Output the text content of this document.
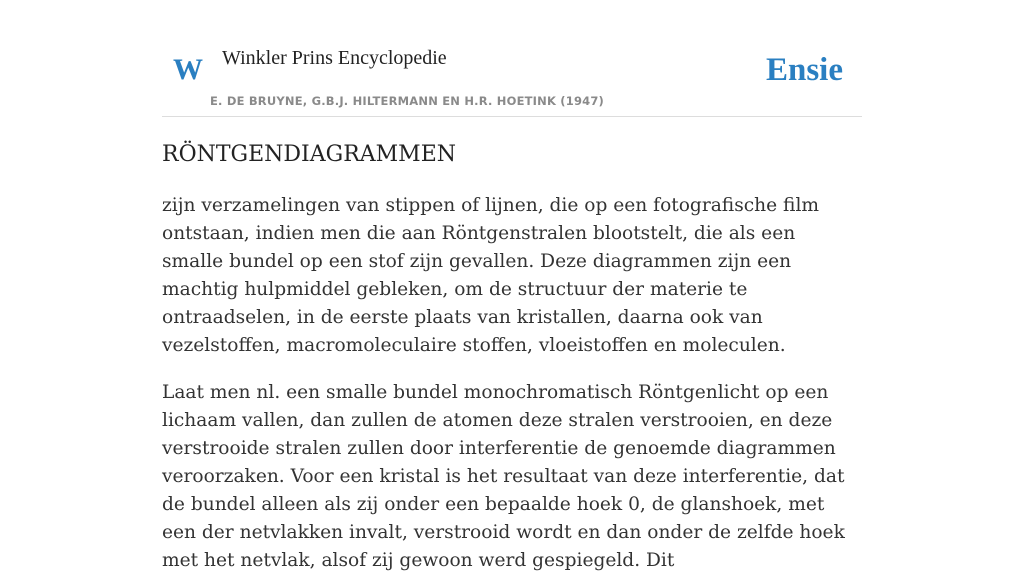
W Winkler Prins Encyclopedie
E. DE BRUYNE, G.B.J. HILTERMANN EN H.R. HOETINK (1947)
Ensie
RÖNTGENDIAGRAMMEN

zijn verzamelingen van stippen of lijnen, die op een fotografische film ontstaan, indien men die aan Röntgenstralen blootstelt, die als een smalle bundel op een stof zijn gevallen. Deze diagrammen zijn een machtig hulpmiddel gebleken, om de structuur der materie te ontraadselen, in de eerste plaats van kristallen, daarna ook van vezelstoffen, macromoleculaire stoffen, vloeistoffen en moleculen.

Laat men nl. een smalle bundel monochromatisch Röntgenlicht op een lichaam vallen, dan zullen de atomen deze stralen verstrooien, en deze verstrooide stralen zullen door interferentie de genoemde diagrammen veroorzaken. Voor een kristal is het resultaat van deze interferentie, dat de bundel alleen als zij onder een bepaalde hoek 0, de glanshoek, met een der netvlakken invalt, verstrooid wordt en dan onder de zelfde hoek met het netvlak, alsof zij gewoon werd gespiegeld. Dit
